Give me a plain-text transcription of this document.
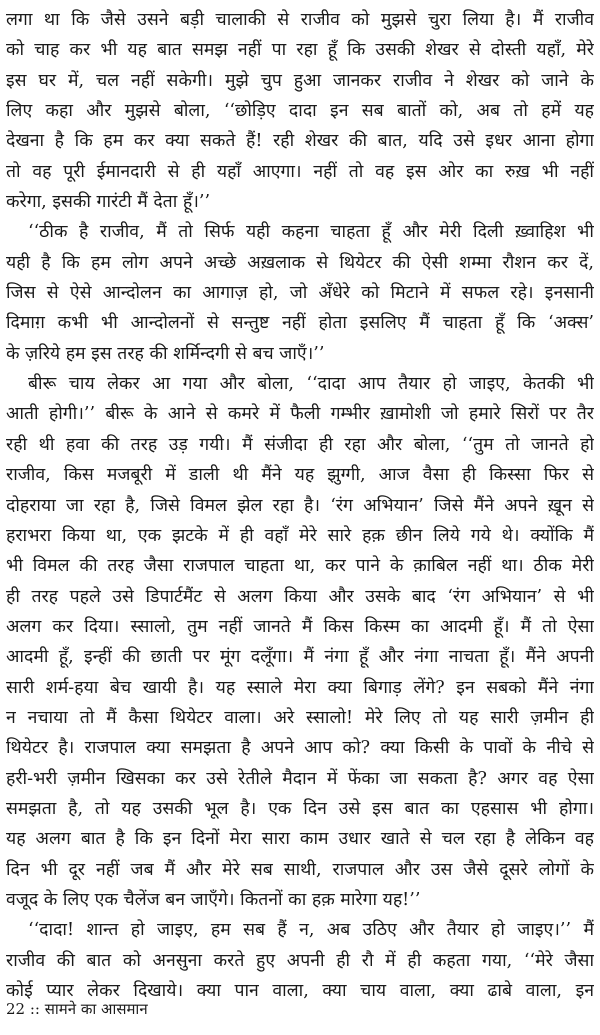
लगा था कि जैसे उसने बड़ी चालाकी से राजीव को मुझसे चुरा लिया है। मैं राजीव
को चाह कर भी यह बात समझ नहीं पा रहा हूँ कि उसकी शेखर से दोस्ती यहाँ, मेरे
इस घर में, चल नहीं सकेगी। मुझे चुप हुआ जानकर राजीव ने शेखर को जाने के
लिए कहा और मुझसे बोला, ‘‘छोड़िए दादा इन सब बातों को, अब तो हमें यह
देखना है कि हम कर क्या सकते हैं! रही शेखर की बात, यदि उसे इधर आना होगा
तो वह पूरी ईमानदारी से ही यहाँ आएगा। नहीं तो वह इस ओर का रुख़ भी नहीं
करेगा, इसकी गारंटी मैं देता हूँ।’’
‘‘ठीक है राजीव, मैं तो सिर्फ यही कहना चाहता हूँ और मेरी दिली ख़्वाहिश भी
यही है कि हम लोग अपने अच्छे अख़लाक से थियेटर की ऐसी शम्मा रौशन कर दें,
जिस से ऐसे आन्दोलन का आगाज़ हो, जो अँधेरे को मिटाने में सफल रहे। इनसानी
दिमाग़ कभी भी आन्दोलनों से सन्तुष्ट नहीं होता इसलिए मैं चाहता हूँ कि ‘अक्स’
के ज़रिये हम इस तरह की शर्मिन्दगी से बच जाएँ।’’
बीरू चाय लेकर आ गया और बोला, ‘‘दादा आप तैयार हो जाइए, केतकी भी
आती होगी।’’ बीरू के आने से कमरे में फैली गम्भीर ख़ामोशी जो हमारे सिरों पर तैर
रही थी हवा की तरह उड़ गयी। मैं संजीदा ही रहा और बोला, ‘‘तुम तो जानते हो
राजीव, किस मजबूरी में डाली थी मैंने यह झुग्गी, आज वैसा ही किस्सा फिर से
दोहराया जा रहा है, जिसे विमल झेल रहा है। ‘रंग अभियान’ जिसे मैंने अपने ख़ून से
हराभरा किया था, एक झटके में ही वहाँ मेरे सारे हक़ छीन लिये गये थे। क्योंकि मैं
भी विमल की तरह जैसा राजपाल चाहता था, कर पाने के क़ाबिल नहीं था। ठीक मेरी
ही तरह पहले उसे डिपार्टमैंट से अलग किया और उसके बाद ‘रंग अभियान’ से भी
अलग कर दिया। स्सालो, तुम नहीं जानते मैं किस किस्म का आदमी हूँ। मैं तो ऐसा
आदमी हूँ, इन्हीं की छाती पर मूंग दलूँगा। मैं नंगा हूँ और नंगा नाचता हूँ। मैंने अपनी
सारी शर्म-हया बेच खायी है। यह स्साले मेरा क्या बिगाड़ लेंगे? इन सबको मैंने नंगा
न नचाया तो मैं कैसा थियेटर वाला। अरे स्सालो! मेरे लिए तो यह सारी ज़मीन ही
थियेटर है। राजपाल क्या समझता है अपने आप को? क्या किसी के पावों के नीचे से
हरी-भरी ज़मीन खिसका कर उसे रेतीले मैदान में फेंका जा सकता है? अगर वह ऐसा
समझता है, तो यह उसकी भूल है। एक दिन उसे इस बात का एहसास भी होगा।
यह अलग बात है कि इन दिनों मेरा सारा काम उधार खाते से चल रहा है लेकिन वह
दिन भी दूर नहीं जब मैं और मेरे सब साथी, राजपाल और उस जैसे दूसरे लोगों के
वजूद के लिए एक चैलेंज बन जाएँगे। कितनों का हक़ मारेगा यह!’’
‘‘दादा! शान्त हो जाइए, हम सब हैं न, अब उठिए और तैयार हो जाइए।’’ मैं
राजीव की बात को अनसुना करते हुए अपनी ही रौ में ही कहता गया, ‘‘मेरे जैसा
कोई प्यार लेकर दिखाये। क्या पान वाला, क्या चाय वाला, क्या ढाबे वाला, इन
22 :: सामने का आसमान
